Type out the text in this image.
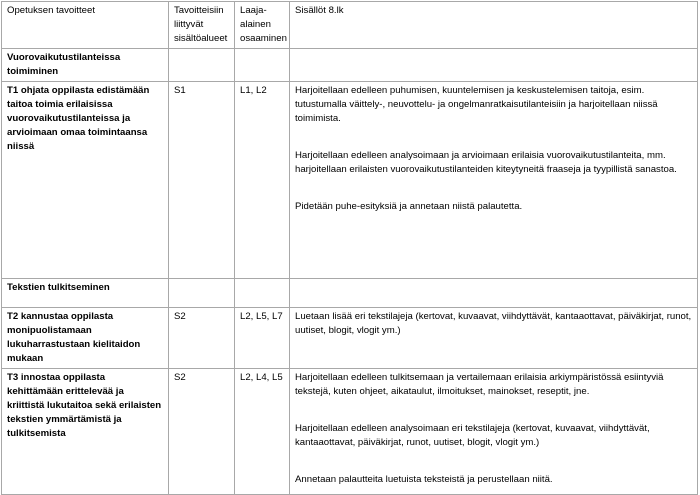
Opetuksen tavoitteet	Tavoitteisiin liittyvät sisältöalueet	Laaja-alainen osaaminen	Sisällöt 8.lk
Vuorovaikutustilanteissa toimiminen			
T1 ohjata oppilasta edistämään taitoa toimia erilaisissa vuorovaikutustilanteissa ja arvioimaan omaa toimintaansa niissä	S1	L1, L2	Harjoitellaan edelleen puhumisen, kuuntelemisen ja keskustelemisen taitoja, esim. tutustumalla väittely-, neuvottelu- ja ongelmanratkaisutilanteisiin ja harjoitellaan niissä toimimista.

Harjoitellaan edelleen analysoimaan ja arvioimaan erilaisia vuorovaikutustilanteita, mm. harjoitellaan erilaisten vuorovaikutustilanteiden kiteytyneitä fraaseja ja tyypillistä sanastoa.

Pidetään puhe-esityksiä ja annetaan niistä palautetta.

Tekstien tulkitseminen			
T2 kannustaa oppilasta monipuolistamaan lukuharrastustaan kielitaidon mukaan	S2	L2, L5, L7	Luetaan lisää eri tekstilajeja (kertovat, kuvaavat, viihdyttävät, kantaaottavat, päiväkirjat, runot, uutiset, blogit, vlogit ym.)

T3 innostaa oppilasta kehittämään erittelevää ja kriittistä lukutaitoa sekä erilaisten tekstien ymmärtämistä ja tulkitsemista	S2	L2, L4, L5	Harjoitellaan edelleen tulkitsemaan ja vertailemaan erilaisia arkiympäristössä esiintyviä tekstejä, kuten ohjeet, aikataulut, ilmoitukset, mainokset, reseptit, jne.

Harjoitellaan edelleen analysoimaan eri tekstilajeja (kertovat, kuvaavat, viihdyttävät, kantaaottavat, päiväkirjat, runot, uutiset, blogit, vlogit ym.)

Annetaan palautteita luetuista teksteistä ja perustellaan niitä.
